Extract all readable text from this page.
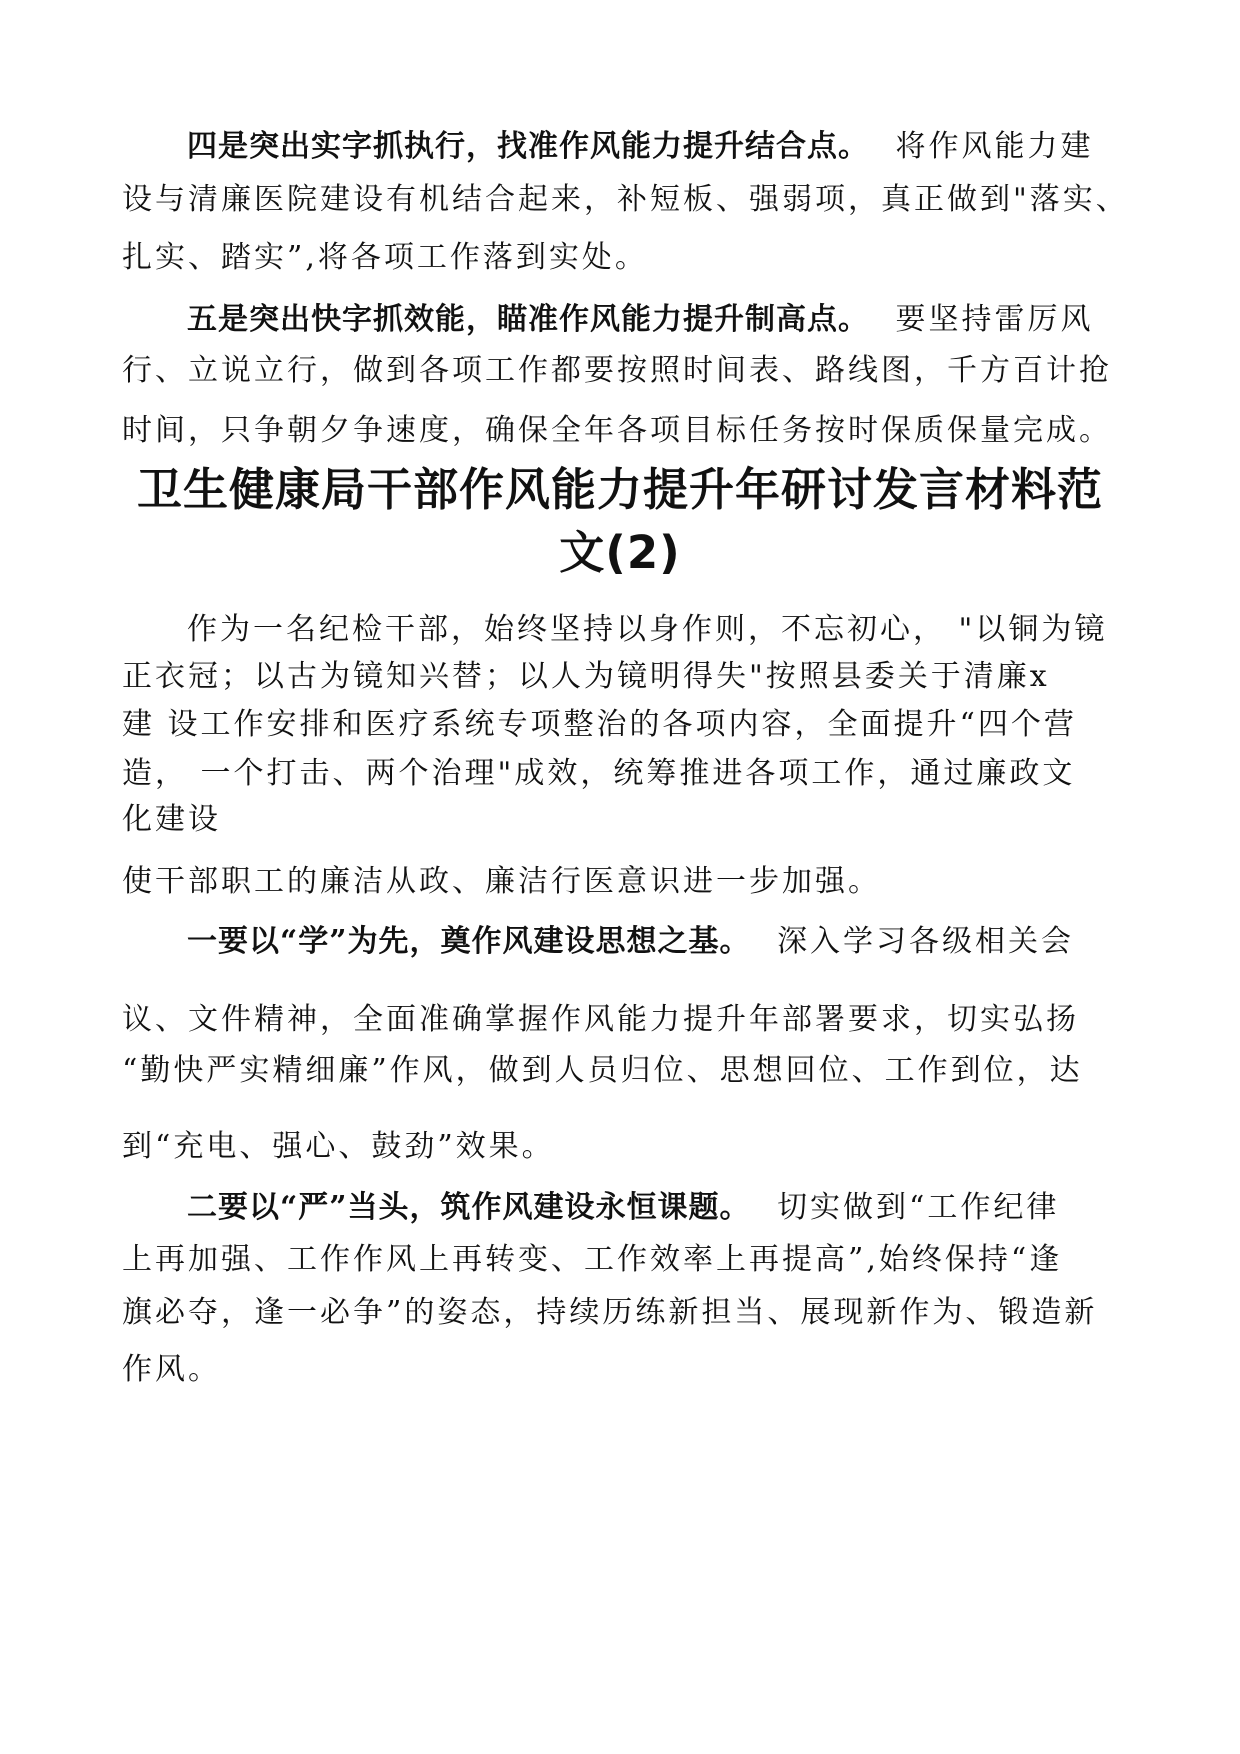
四是突出实字抓执行，找准作风能力提升结合点。 将作风能力建
设与清廉医院建设有机结合起来，补短板、强弱项，真正做到"落实、
扎实、踏实”,将各项工作落到实处。
五是突出快字抓效能，瞄准作风能力提升制高点。 要坚持雷厉风
行、立说立行，做到各项工作都要按照时间表、路线图，千方百计抢
时间，只争朝夕争速度，确保全年各项目标任务按时保质保量完成。
卫生健康局干部作风能力提升年研讨发言材料范
文(2)
作为一名纪检干部，始终坚持以身作则，不忘初心， "以铜为镜
正衣冠；以古为镜知兴替；以人为镜明得失"按照县委关于清廉x
建 设工作安排和医疗系统专项整治的各项内容，全面提升“四个营
造， 一个打击、两个治理"成效，统筹推进各项工作，通过廉政文
化建设
使干部职工的廉洁从政、廉洁行医意识进一步加强。
一要以“学”为先，奠作风建设思想之基。 深入学习各级相关会
议、文件精神，全面准确掌握作风能力提升年部署要求，切实弘扬
“勤快严实精细廉”作风，做到人员归位、思想回位、工作到位，达
到“充电、强心、鼓劲”效果。
二要以“严”当头，筑作风建设永恒课题。 切实做到“工作纪律
上再加强、工作作风上再转变、工作效率上再提高”,始终保持“逢
旗必夺，逢一必争”的姿态，持续历练新担当、展现新作为、锻造新
作风。
